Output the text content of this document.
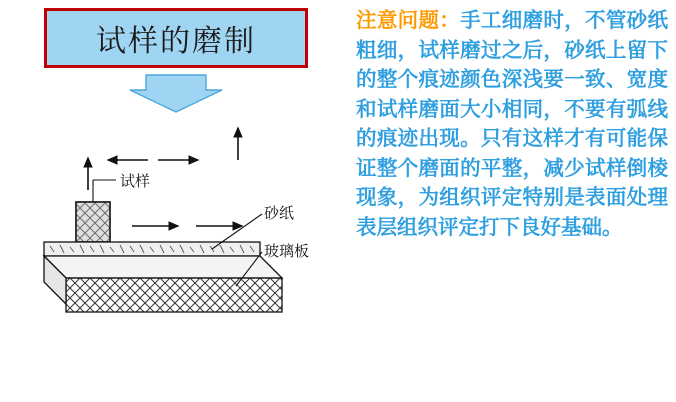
试样的磨制
试样
砂纸
玻璃板

注意问题：手工细磨时，不管砂纸粗细，试样磨过之后，砂纸上留下的整个痕迹颜色深浅要一致、宽度和试样磨面大小相同，不要有弧线的痕迹出现。只有这样才有可能保证整个磨面的平整，减少试样倒棱现象，为组织评定特别是表面处理表层组织评定打下良好基础。
